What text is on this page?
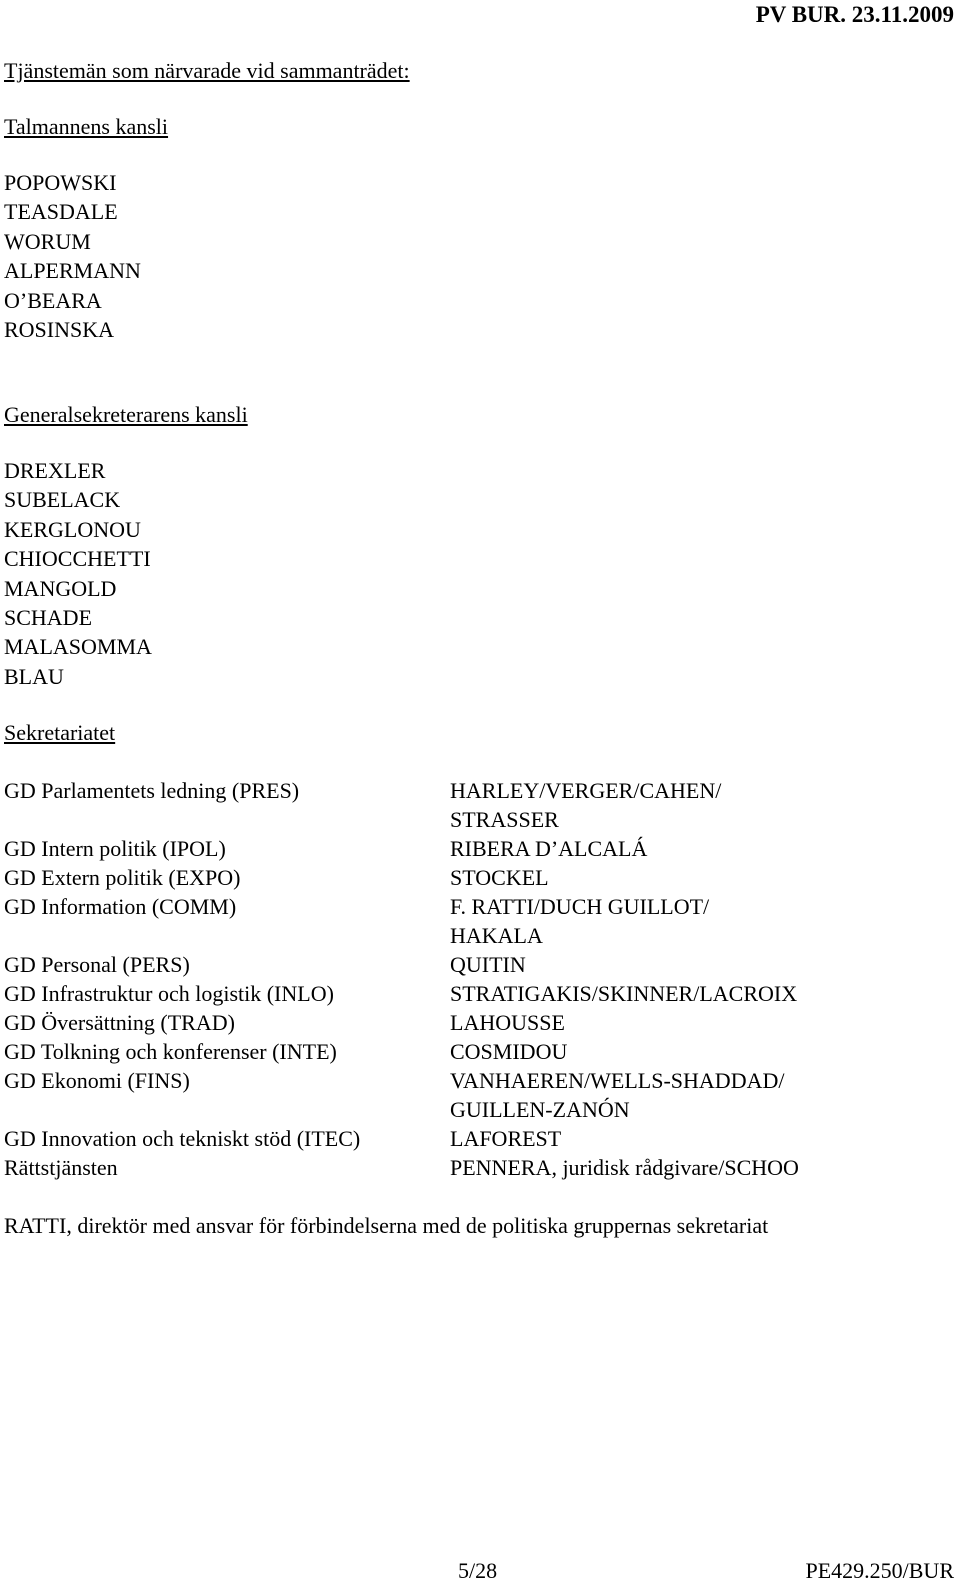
PV BUR. 23.11.2009
Tjänstemän som närvarade vid sammanträdet:
Talmannens kansli
POPOWSKI
TEASDALE
WORUM
ALPERMANN
O’BEARA
ROSINSKA
Generalsekreterarens kansli
DREXLER
SUBELACK
KERGLONOU
CHIOCCHETTI
MANGOLD
SCHADE
MALASOMMA
BLAU
Sekretariatet
GD Parlamentets ledning (PRES)
GD Intern politik (IPOL)
GD Extern politik (EXPO)
GD Information (COMM)
GD Personal (PERS)
GD Infrastruktur och logistik (INLO)
GD Översättning (TRAD)
GD Tolkning och konferenser (INTE)
GD Ekonomi (FINS)
GD Innovation och tekniskt stöd (ITEC)
Rättstjänsten
HARLEY/VERGER/CAHEN/
STRASSER
RIBERA D’ALCALÁ
STOCKEL
F. RATTI/DUCH GUILLOT/
HAKALA
QUITIN
STRATIGAKIS/SKINNER/LACROIX
LAHOUSSE
COSMIDOU
VANHAEREN/WELLS-SHADDAD/
GUILLEN-ZANÓN
LAFOREST
PENNERA, juridisk rådgivare/SCHOO
RATTI, direktör med ansvar för förbindelserna med de politiska gruppernas sekretariat
5/28	PE429.250/BUR
